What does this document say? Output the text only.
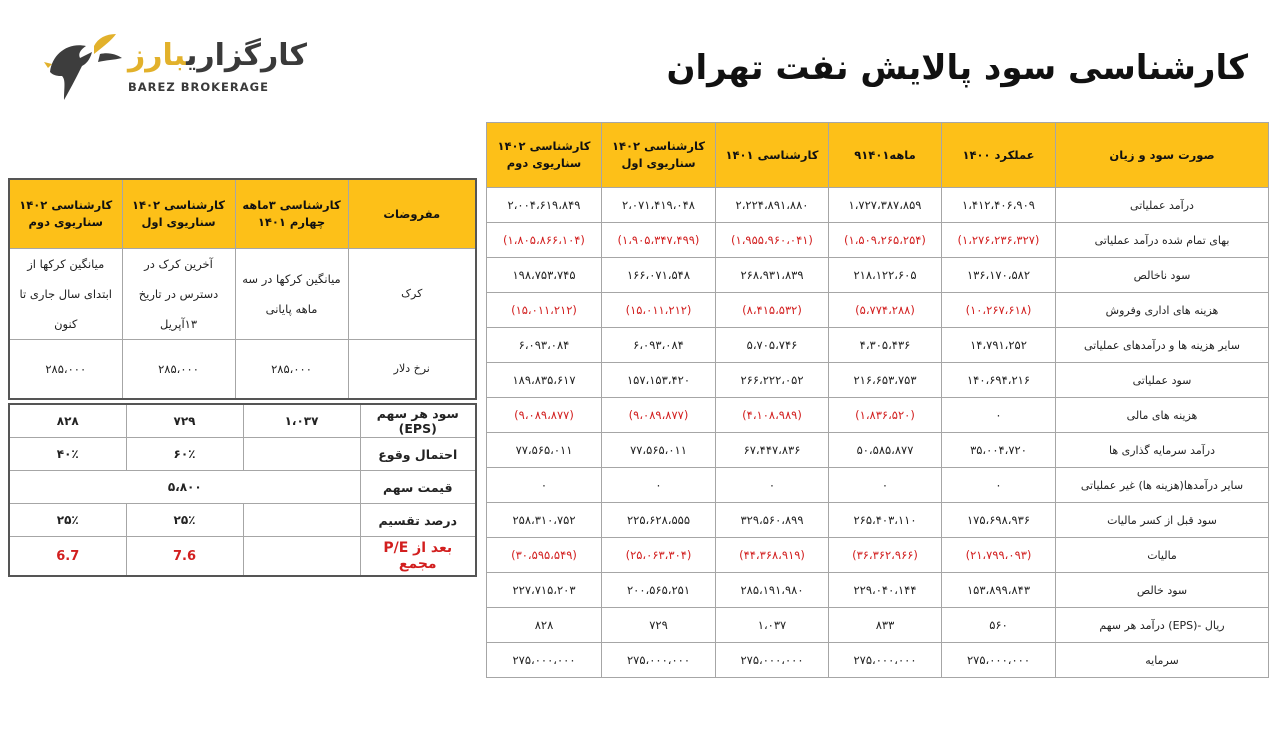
کارگزاریبارز
BAREZ BROKERAGE	کارشناسی سود پالایش نفت تهران
کارشناسی ۱۴۰۲ سناریوی دوم	کارشناسی ۱۴۰۲ سناریوی اول	کارشناسی ۱۴۰۱	۹ماهه۱۴۰۱	عملکرد ۱۴۰۰	صورت سود و زیان
۲،۰۰۴،۶۱۹،۸۴۹	۲،۰۷۱،۴۱۹،۰۴۸	۲،۲۲۴،۸۹۱،۸۸۰	۱،۷۲۷،۳۸۷،۸۵۹	۱،۴۱۲،۴۰۶،۹۰۹	درآمد عملیاتی
(۱،۸۰۵،۸۶۶،۱۰۴)	(۱،۹۰۵،۳۴۷،۴۹۹)	(۱،۹۵۵،۹۶۰،۰۴۱)	(۱،۵۰۹،۲۶۵،۲۵۴)	(۱،۲۷۶،۲۳۶،۳۲۷)	بهای تمام شده درآمد عملیاتی
۱۹۸،۷۵۳،۷۴۵	۱۶۶،۰۷۱،۵۴۸	۲۶۸،۹۳۱،۸۳۹	۲۱۸،۱۲۲،۶۰۵	۱۳۶،۱۷۰،۵۸۲	سود ناخالص
(۱۵،۰۱۱،۲۱۲)	(۱۵،۰۱۱،۲۱۲)	(۸،۴۱۵،۵۳۲)	(۵،۷۷۴،۲۸۸)	(۱۰،۲۶۷،۶۱۸)	هزینه های اداری وفروش
۶،۰۹۳،۰۸۴	۶،۰۹۳،۰۸۴	۵،۷۰۵،۷۴۶	۴،۳۰۵،۴۳۶	۱۴،۷۹۱،۲۵۲	سایر هزینه ها و درآمدهای عملیاتی
۱۸۹،۸۳۵،۶۱۷	۱۵۷،۱۵۳،۴۲۰	۲۶۶،۲۲۲،۰۵۲	۲۱۶،۶۵۳،۷۵۳	۱۴۰،۶۹۴،۲۱۶	سود عملیاتی
(۹،۰۸۹،۸۷۷)	(۹،۰۸۹،۸۷۷)	(۴،۱۰۸،۹۸۹)	(۱،۸۳۶،۵۲۰)	۰	هزینه های مالی
۷۷،۵۶۵،۰۱۱	۷۷،۵۶۵،۰۱۱	۶۷،۴۴۷،۸۳۶	۵۰،۵۸۵،۸۷۷	۳۵،۰۰۴،۷۲۰	درآمد سرمایه گذاری ها
۰	۰	۰	۰	۰	سایر درآمدها(هزینه ها) غیر عملیاتی
۲۵۸،۳۱۰،۷۵۲	۲۲۵،۶۲۸،۵۵۵	۳۲۹،۵۶۰،۸۹۹	۲۶۵،۴۰۳،۱۱۰	۱۷۵،۶۹۸،۹۳۶	سود قبل از کسر مالیات
(۳۰،۵۹۵،۵۴۹)	(۲۵،۰۶۳،۳۰۴)	(۴۴،۳۶۸،۹۱۹)	(۳۶،۳۶۲،۹۶۶)	(۲۱،۷۹۹،۰۹۳)	مالیات
۲۲۷،۷۱۵،۲۰۳	۲۰۰،۵۶۵،۲۵۱	۲۸۵،۱۹۱،۹۸۰	۲۲۹،۰۴۰،۱۴۴	۱۵۳،۸۹۹،۸۴۳	سود خالص
۸۲۸	۷۲۹	۱،۰۳۷	۸۳۳	۵۶۰	درآمد هر سهم (EPS)- ریال
۲۷۵،۰۰۰،۰۰۰	۲۷۵،۰۰۰،۰۰۰	۲۷۵،۰۰۰،۰۰۰	۲۷۵،۰۰۰،۰۰۰	۲۷۵،۰۰۰،۰۰۰	سرمایه
کارشناسی ۱۴۰۲ سناریوی دوم	کارشناسی ۱۴۰۲ سناریوی اول	کارشناسی ۳ماهه چهارم ۱۴۰۱	مفروضات
میانگین کرکها از ابتدای سال جاری تا کنون	آخرین کرک در دسترس در تاریخ ۱۳آپریل	میانگین کرکها در سه ماهه پایانی	کرک
۲۸۵،۰۰۰	۲۸۵،۰۰۰	۲۸۵،۰۰۰	نرخ دلار
۸۲۸	۷۲۹	۱،۰۳۷	سود هر سهم (EPS)
۴۰٪	۶۰٪		احتمال وقوع
۵،۸۰۰			قیمت سهم
۲۵٪	۲۵٪		درصد تقسیم
6.7	7.6		P/E بعد از مجمع
